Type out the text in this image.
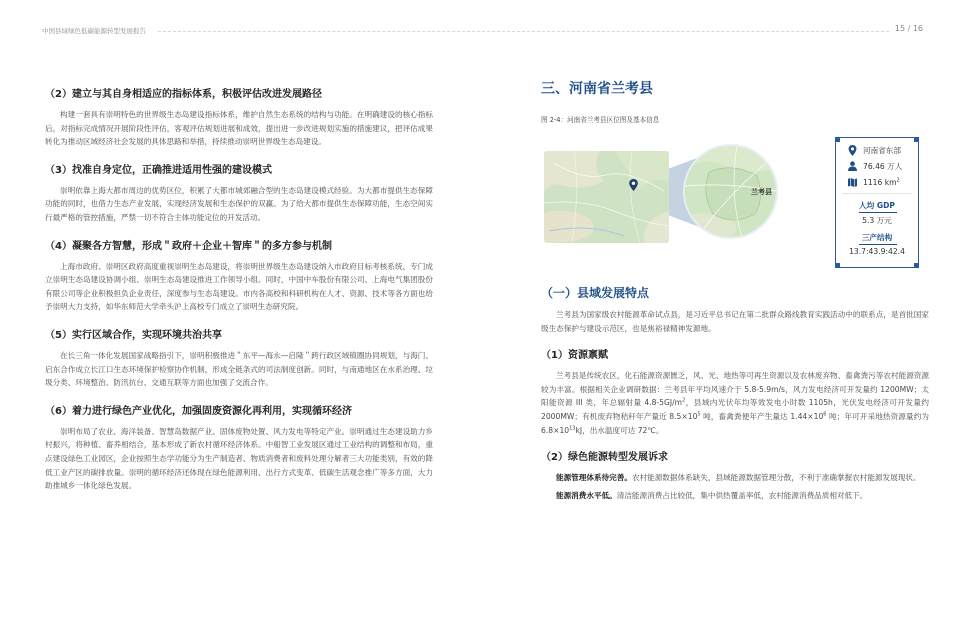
中国县域绿色低碳能源转型发展报告	15 / 16
（2）建立与其自身相适应的指标体系，积极评估改进发展路径
构建一套具有崇明特色的世界级生态岛建设指标体系，维护自然生态系统的结构与功能。在明确建设的核心指标后，对指标完成情况开展阶段性评估，客观评估规划进展和成效，提出进一步改进规划实施的措施建议，把评估成果转化为推动区域经济社会发展的具体思路和举措，持续推动崇明世界级生态岛建设。
（3）找准自身定位，正确推进适用性强的建设模式
崇明依靠上海大都市周边的优势区位，积累了大都市城郊融合型的生态岛建设模式经验。为大都市提供生态保障功能的同时，也借力生态产业发展，实现经济发展和生态保护的双赢。为了给大都市提供生态保障功能，生态空间实行最严格的管控措施，严禁一切不符合主体功能定位的开发活动。
（4）凝聚各方智慧，形成＂政府＋企业＋智库＂的多方参与机制
上海市政府、崇明区政府高度重视崇明生态岛建设，将崇明世界级生态岛建设纳入市政府目标考核系统，专门成立崇明生态岛建设协调小组、崇明生态岛建设推进工作领导小组。同时，中国中车股份有限公司、上海电气集团股份有限公司等企业积极担负企业责任，深度参与生态岛建设。市内各高校和科研机构在人才、资源、技术等各方面也给予崇明大力支持，如华东师范大学牵头沪上高校专门成立了崇明生态研究院。
（5）实行区域合作，实现环境共治共享
在长三角一体化发展国家战略指引下，崇明积极推进＂东平—海永—启隆＂跨行政区域镇圈协同规划，与海门、启东合作成立长江口生态环境保护检察协作机制，形成全链条式的司法制度创新。同时，与南通地区在水系治理、垃圾分类、环境整治、防汛抗台、交通互联等方面也加强了交流合作。
（6）着力进行绿色产业优化，加强固废资源化再利用，实现循环经济
崇明布局了农业、海洋装备、智慧岛数据产业、固体废物处置、风力发电等特定产业。崇明通过生态建设助力乡村振兴，将种植、畜养相结合，基本形成了新农村循环经济体系。中船智工业发展区通过工业结构的调整和布局，重点建设绿色工业园区，企业按照生态学功能分为生产制造者、物质消费者和废料处理分解者三大功能类别，有效的降低工业产区的碳排放量。崇明的循环经济还体现在绿色能源利用、出行方式变革、低碳生活观念推广等多方面，大力助推城乡一体化绿色发展。
三、河南省兰考县
图 2-4：河南省兰考县区位图及基本信息
兰考县
河南省东部
76.46 万人
1116 $km^2$
人均 GDP
5.3 万元
三产结构
13.7:43.9:42.4
（一）县域发展特点
兰考县为国家级农村能源革命试点县，是习近平总书记在第二批群众路线教育实践活动中的联系点，是首批国家级生态保护与建设示范区，也是焦裕禄精神发源地。
（1）资源禀赋
兰考县是传统农区，化石能源资源匮乏，风、光、地热等可再生资源以及农林废弃物、畜禽粪污等农村能源资源较为丰富。根据相关企业调研数据：兰考县年平均风速介于 5.8-5.9m/s，风力发电经济可开发量约 1200MW；太阳能资源 III 类，年总辐射量 $4.8-5GJ/m^2$，县域内光伏年均等效发电小时数 1105h，光伏发电经济可开发量约 2000MW；有机废弃物秸秆年产量近 $8.5\times 10^5$ 吨，畜禽粪便年产生量达 $1.44\times 10^6$ 吨；年可开采地热资源量约为 $6.8\times 10^{13}kJ$，出水温度可达 72℃。
（2）绿色能源转型发展诉求
能源管理体系待完善。农村能源数据体系缺失，县域能源数据管理分散，不利于准确掌握农村能源发展现状。
能源消费水平低。清洁能源消费占比较低，集中供热覆盖率低，农村能源消费品质相对低下。
